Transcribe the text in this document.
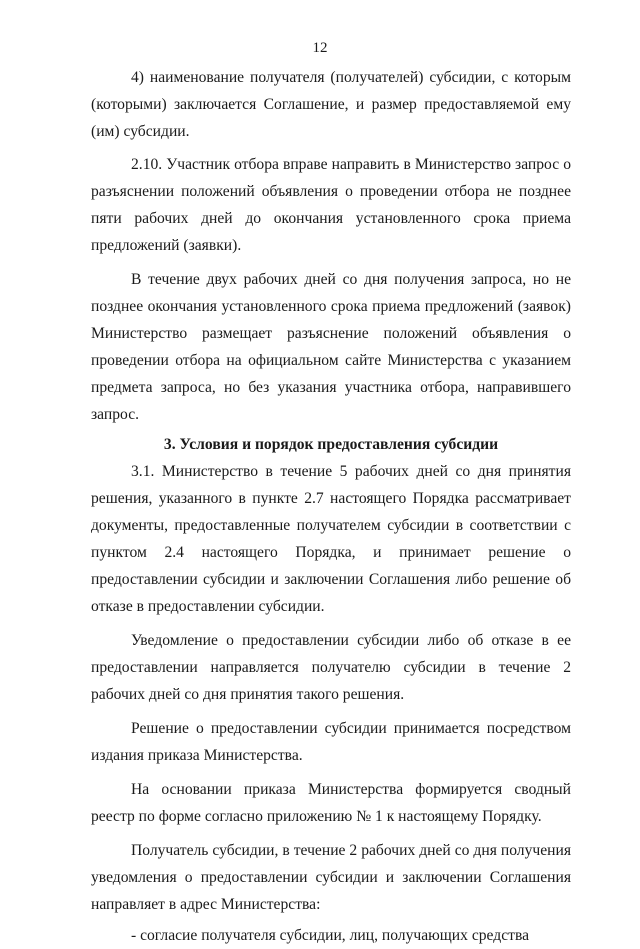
12

4) наименование получателя (получателей) субсидии, с которым (которыми) заключается Соглашение, и размер предоставляемой ему (им) субсидии.

2.10. Участник отбора вправе направить в Министерство запрос о разъяснении положений объявления о проведении отбора не позднее пяти рабочих дней до окончания установленного срока приема предложений (заявки).

В течение двух рабочих дней со дня получения запроса, но не позднее окончания установленного срока приема предложений (заявок) Министерство размещает разъяснение положений объявления о проведении отбора на официальном сайте Министерства с указанием предмета запроса, но без указания участника отбора, направившего запрос.

3. Условия и порядок предоставления субсидии

3.1. Министерство в течение 5 рабочих дней со дня принятия решения, указанного в пункте 2.7 настоящего Порядка рассматривает документы, предоставленные получателем субсидии в соответствии с пунктом 2.4 настоящего Порядка, и принимает решение о предоставлении субсидии и заключении Соглашения либо решение об отказе в предоставлении субсидии.

Уведомление о предоставлении субсидии либо об отказе в ее предоставлении направляется получателю субсидии в течение 2 рабочих дней со дня принятия такого решения.

Решение о предоставлении субсидии принимается посредством издания приказа Министерства.

На основании приказа Министерства формируется сводный реестр по форме согласно приложению № 1 к настоящему Порядку.

Получатель субсидии, в течение 2 рабочих дней со дня получения уведомления о предоставлении субсидии и заключении Соглашения направляет в адрес Министерства:

- согласие получателя субсидии, лиц, получающих средства
